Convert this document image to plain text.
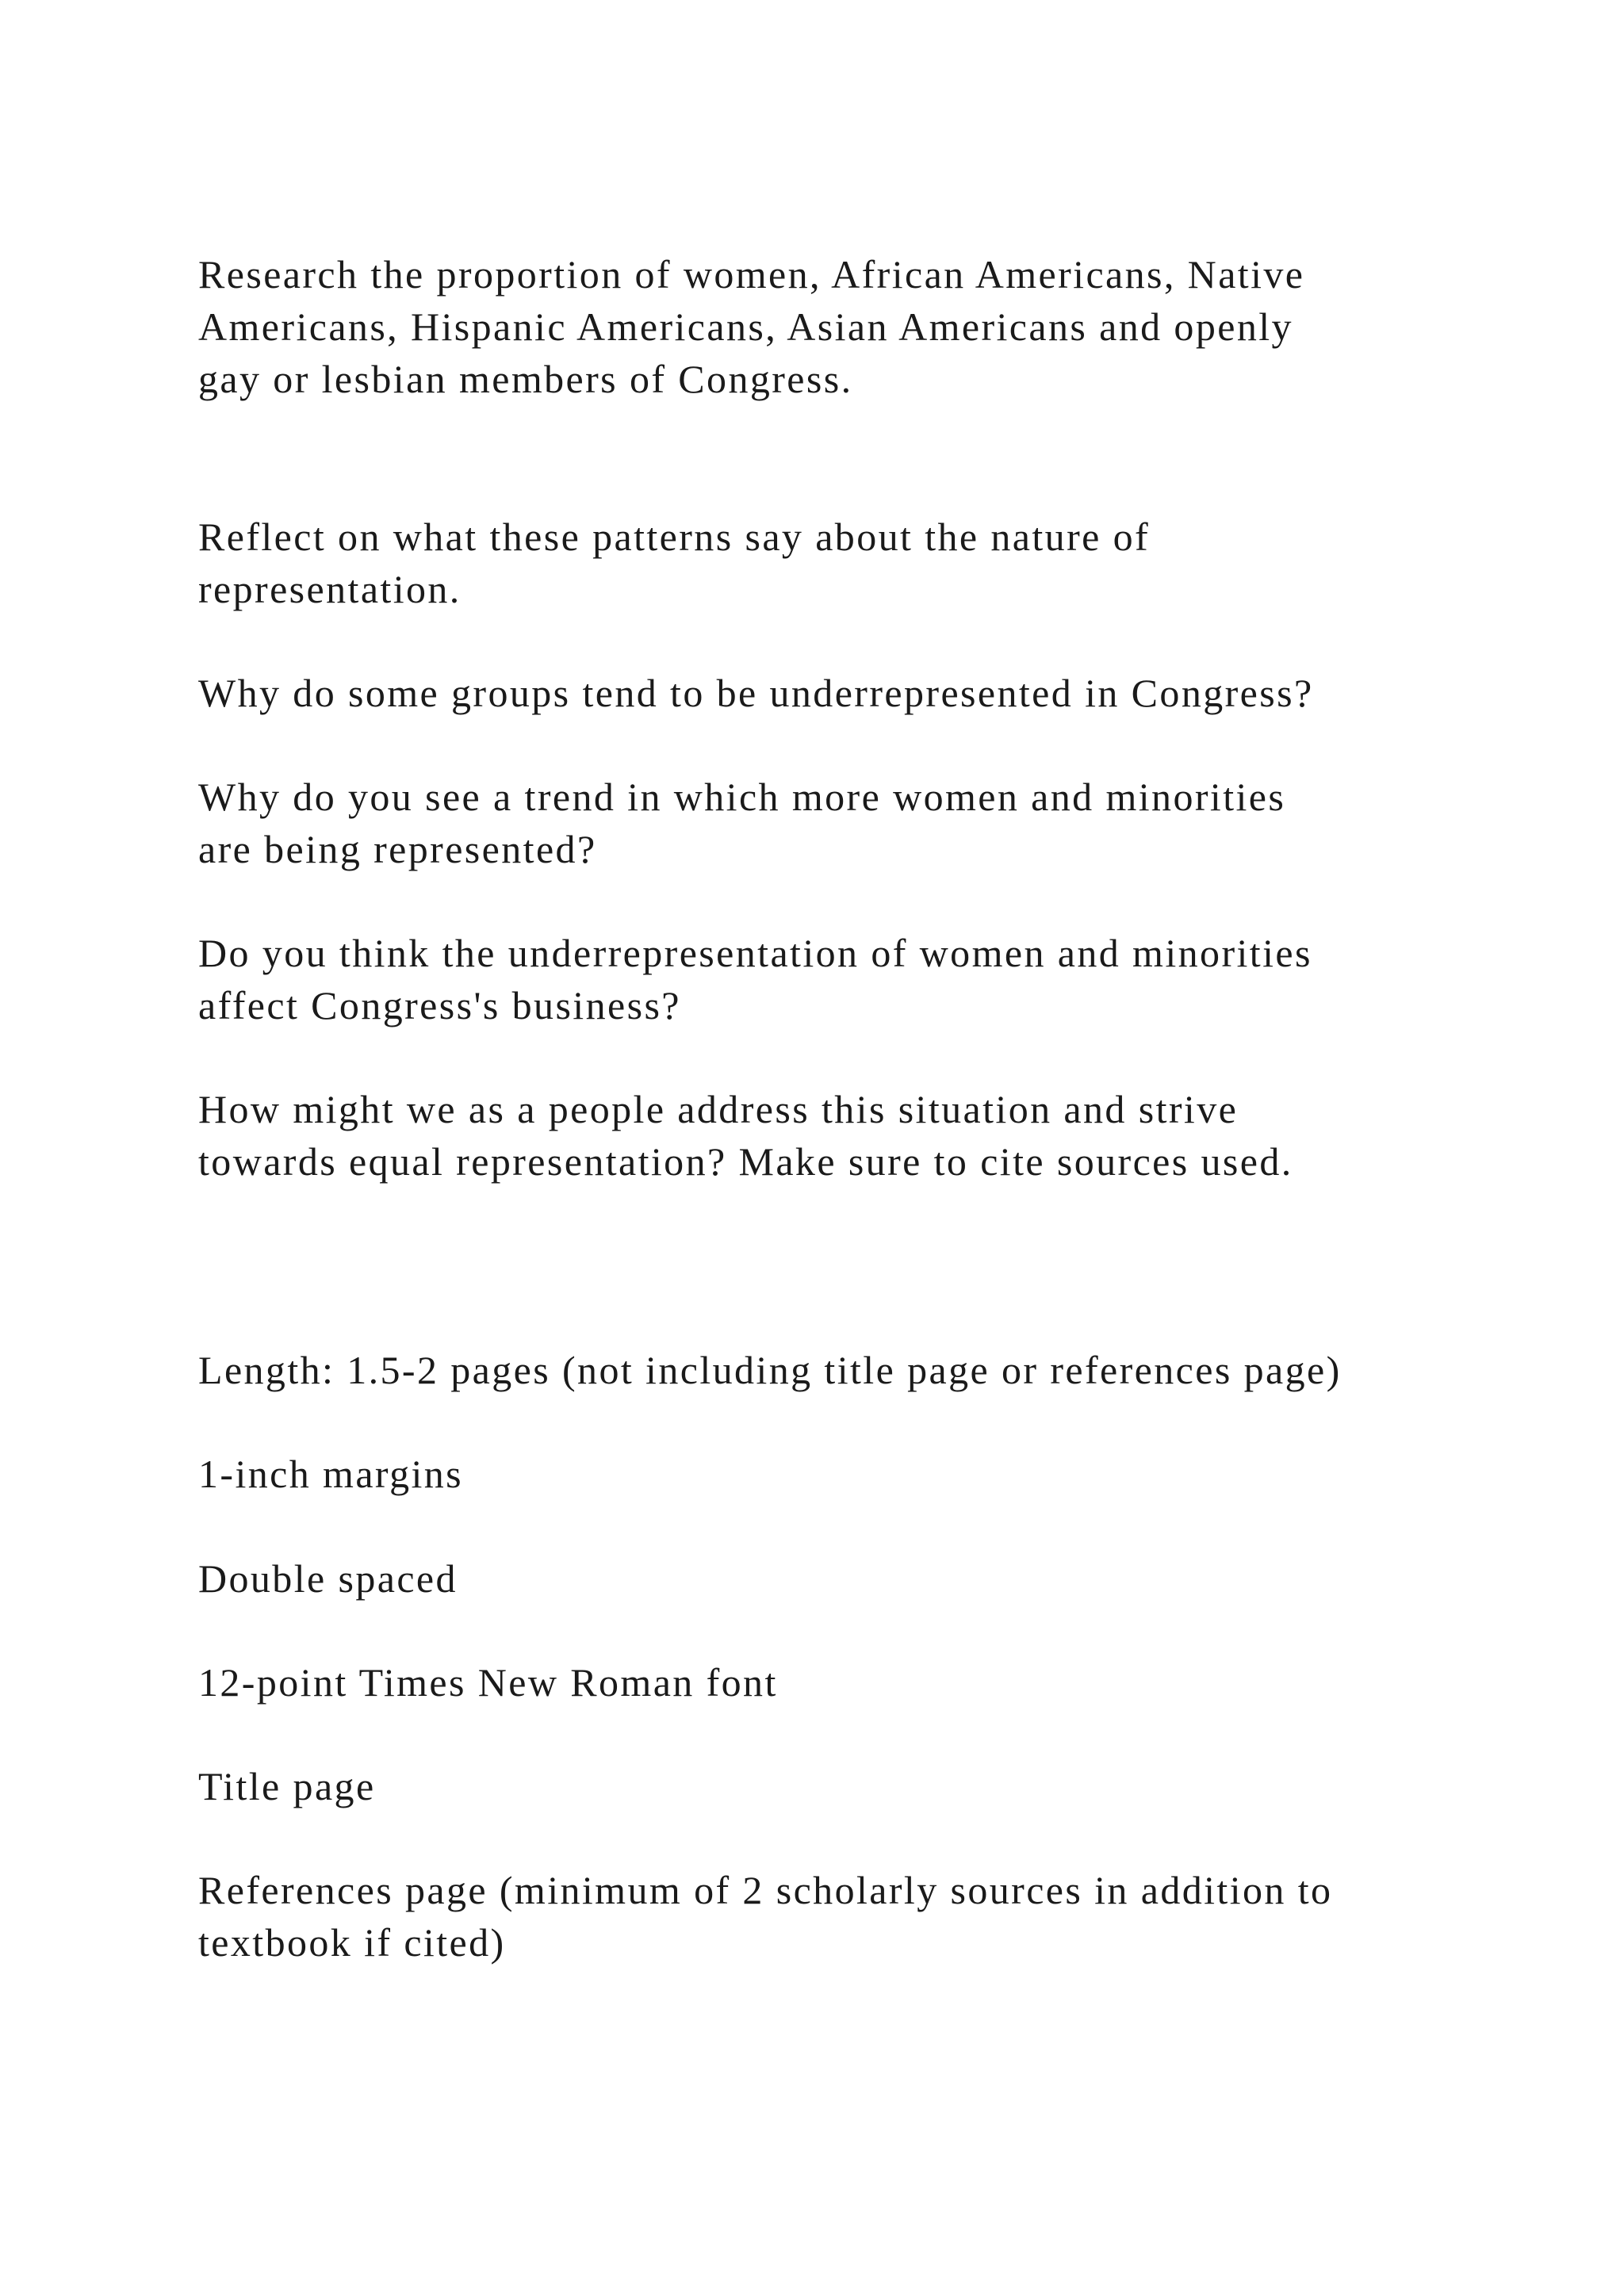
Research the proportion of women, African Americans, Native
Americans, Hispanic Americans, Asian Americans and openly
gay or lesbian members of Congress.

Reflect on what these patterns say about the nature of
representation.

Why do some groups tend to be underrepresented in Congress?

Why do you see a trend in which more women and minorities
are being represented?

Do you think the underrepresentation of women and minorities
affect Congress's business?

How might we as a people address this situation and strive
towards equal representation? Make sure to cite sources used.

Length: 1.5-2 pages (not including title page or references page)

1-inch margins

Double spaced

12-point Times New Roman font

Title page

References page (minimum of 2 scholarly sources in addition to
textbook if cited)
